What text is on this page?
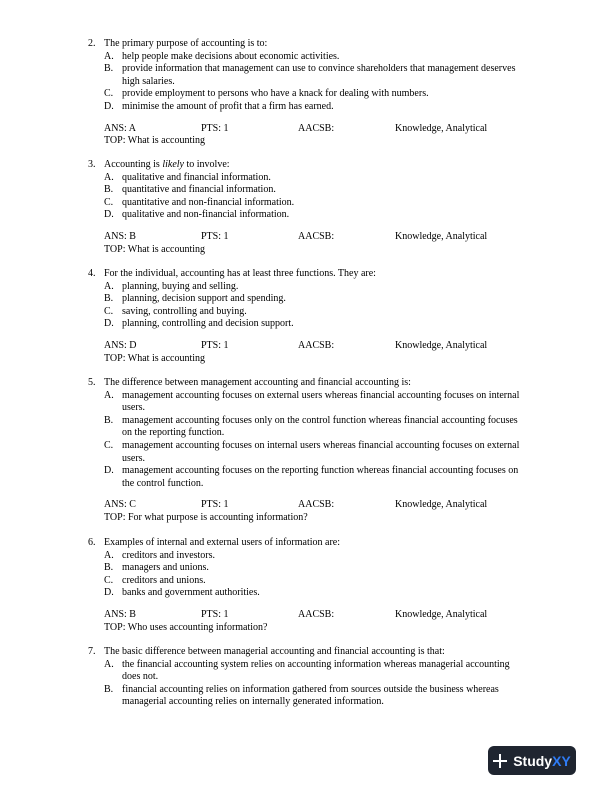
2. The primary purpose of accounting is to:
A. help people make decisions about economic activities.
B. provide information that management can use to convince shareholders that management deserves high salaries.
C. provide employment to persons who have a knack for dealing with numbers.
D. minimise the amount of profit that a firm has earned.
ANS: A	PTS: 1	AACSB:	Knowledge, Analytical
TOP: What is accounting
3. Accounting is likely to involve:
A. qualitative and financial information.
B. quantitative and financial information.
C. quantitative and non-financial information.
D. qualitative and non-financial information.
ANS: B	PTS: 1	AACSB:	Knowledge, Analytical
TOP: What is accounting
4. For the individual, accounting has at least three functions. They are:
A. planning, buying and selling.
B. planning, decision support and spending.
C. saving, controlling and buying.
D. planning, controlling and decision support.
ANS: D	PTS: 1	AACSB:	Knowledge, Analytical
TOP: What is accounting
5. The difference between management accounting and financial accounting is:
A. management accounting focuses on external users whereas financial accounting focuses on internal users.
B. management accounting focuses only on the control function whereas financial accounting focuses on the reporting function.
C. management accounting focuses on internal users whereas financial accounting focuses on external users.
D. management accounting focuses on the reporting function whereas financial accounting focuses on the control function.
ANS: C	PTS: 1	AACSB:	Knowledge, Analytical
TOP: For what purpose is accounting information?
6. Examples of internal and external users of information are:
A. creditors and investors.
B. managers and unions.
C. creditors and unions.
D. banks and government authorities.
ANS: B	PTS: 1	AACSB:	Knowledge, Analytical
TOP: Who uses accounting information?
7. The basic difference between managerial accounting and financial accounting is that:
A. the financial accounting system relies on accounting information whereas managerial accounting does not.
B. financial accounting relies on information gathered from sources outside the business whereas managerial accounting relies on internally generated information.
StudyXY
